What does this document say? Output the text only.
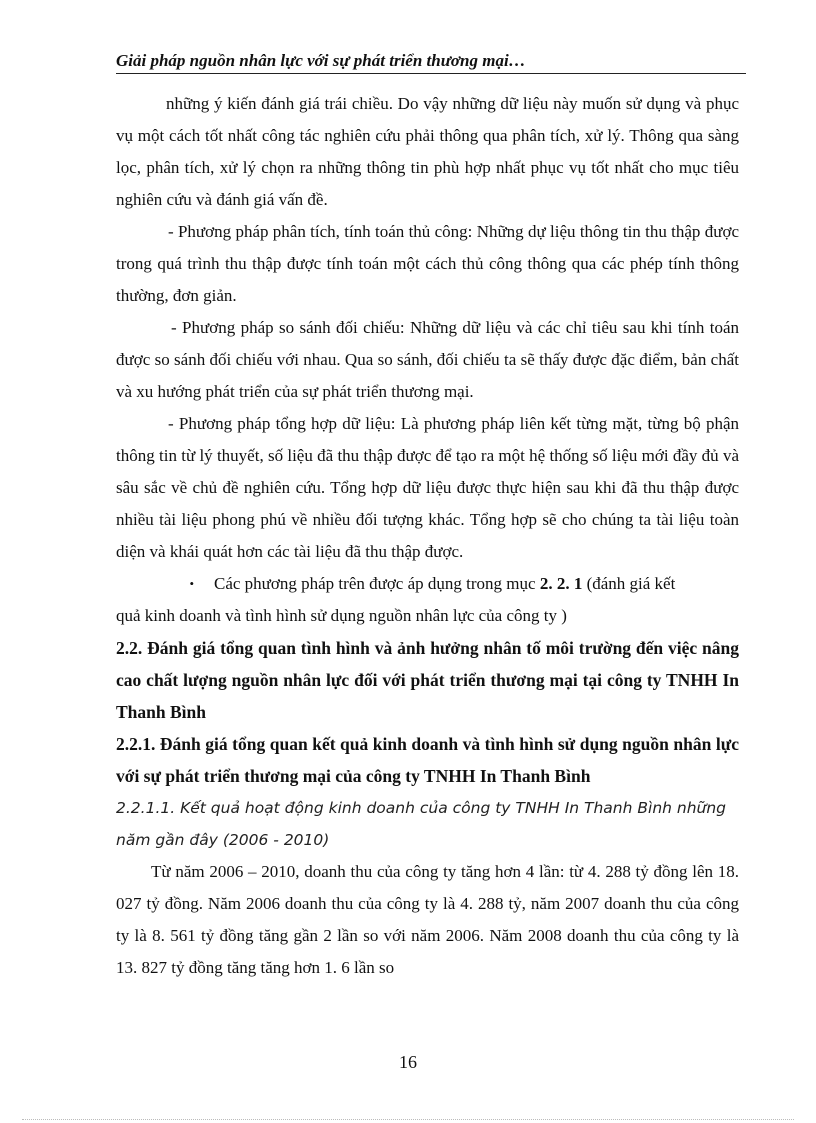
Giải pháp nguồn nhân lực với sự phát triển thương mại…

những ý kiến đánh giá trái chiều. Do vậy những dữ liệu này muốn sử dụng và phục vụ một cách tốt nhất công tác nghiên cứu phải thông qua phân tích, xử lý. Thông qua sàng lọc, phân tích, xử lý chọn ra những thông tin phù hợp nhất phục vụ tốt nhất cho mục tiêu nghiên cứu và đánh giá vấn đề.

- Phương pháp phân tích, tính toán thủ công: Những dự liệu thông tin thu thập được trong quá trình thu thập được tính toán một cách thủ công thông qua các phép tính thông thường, đơn giản.

- Phương pháp so sánh đối chiếu: Những dữ liệu và các chỉ tiêu sau khi tính toán được so sánh đối chiếu với nhau. Qua so sánh, đối chiếu ta sẽ thấy được đặc điểm, bản chất và xu hướng phát triển của sự phát triển thương mại.

- Phương pháp tổng hợp dữ liệu: Là phương pháp liên kết từng mặt, từng bộ phận thông tin từ lý thuyết, số liệu đã thu thập được để tạo ra một hệ thống số liệu mới đầy đủ và sâu sắc về chủ đề nghiên cứu. Tổng hợp dữ liệu được thực hiện sau khi đã thu thập được nhiều tài liệu phong phú về nhiều đối tượng khác. Tổng hợp sẽ cho chúng ta tài liệu toàn diện và khái quát hơn các tài liệu đã thu thập được.

•	Các phương pháp trên được áp dụng trong mục 2. 2. 1 (đánh giá kết

quả kinh doanh và tình hình sử dụng nguồn nhân lực của công ty )

2.2. Đánh giá tổng quan tình hình và ảnh hưởng nhân tố môi trường đến việc nâng cao chất lượng nguồn nhân lực đối với phát triển thương mại tại công ty TNHH In Thanh Bình

2.2.1. Đánh giá tổng quan kết quả kinh doanh và tình hình sử dụng nguồn nhân lực với sự phát triển thương mại của công ty TNHH In Thanh Bình

2.2.1.1. Kết quả hoạt động kinh doanh của công ty TNHH In Thanh Bình những năm gần đây (2006 - 2010)

Từ năm 2006 – 2010, doanh thu của công ty tăng hơn 4 lần: từ 4. 288 tỷ đồng lên 18. 027 tỷ đồng. Năm 2006 doanh thu của công ty là 4. 288 tỷ, năm 2007 doanh thu của công ty là 8. 561 tỷ đồng tăng gần 2 lần so với năm 2006. Năm 2008 doanh thu của công ty là 13. 827 tỷ đồng tăng tăng hơn 1. 6 lần so

16
